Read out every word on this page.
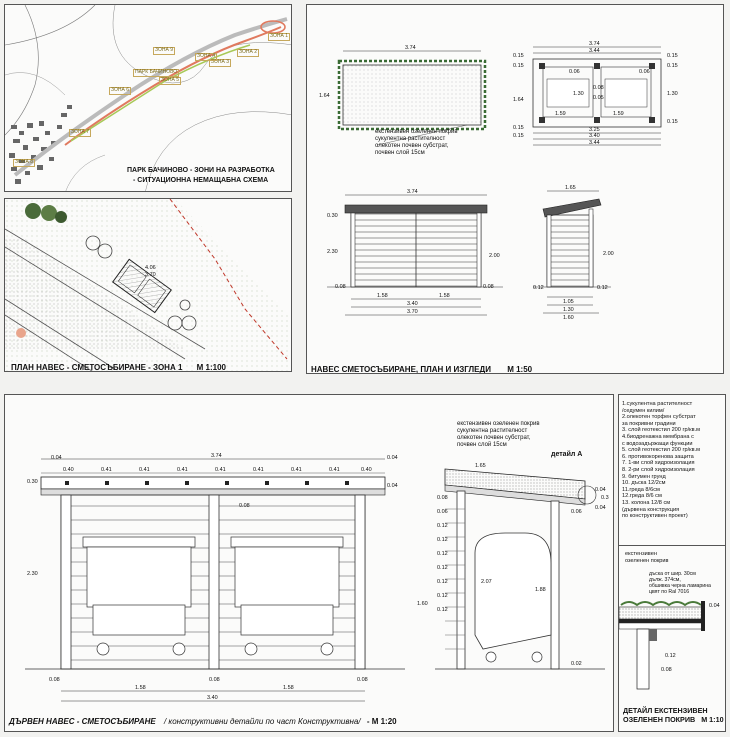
ЗОНА 1
ЗОНА 2
ЗОНА 3
ЗОНА 4
ЗОНА 5
ЗОНА 6
ЗОНА 7
ЗОНА 8
ЗОНА 9
ПАРК БАЧИНОВО
ПАРК БАЧИНОВО - ЗОНИ НА РАЗРАБОТКА
- СИТУАЦИОННА НЕМАЩАБНА СХЕМА
4.06
3.70
ПЛАН НАВЕС - СМЕТОСЪБИРАНЕ - ЗОНА 1 М 1:100
3.74
1.64
3.74
3.44
0.15
0.15
1.64
0.15
0.15
0.15
0.15
1.30
0.15
0.06
0.06
1.59	1.59
0.08
0.05
1.30
3.25
3.40
3.44
3.74
0.30
2.30
2.00
0.08	0.08
1.58	1.58
3.40
3.70
1.65
2.00
0.12	0.12
1.05
1.30
1.60
екстензивен озеленен покрив
сукулентна растителност
олекотен почвен субстрат,
почвен слой 15см
НАВЕС СМЕТОСЪБИРАНЕ, ПЛАН И ИЗГЛЕДИ М 1:50
3.74
0.40	0.41	0.41	0.41	0.41	0.41	0.41	0.41	0.40
0.04	0.04
0.04
0.30
2.30
1.58	1.58
3.40
0.08	0.08	0.08
1.65
0.3
0.04
0.04
0.08
0.06
0.12
0.12
0.12
0.12
0.12
0.12
0.12
1.60
2.07
1.88
0.06
0.02
екстензивен озеленен покрив
сукулентна растителност
олекотен почвен субстрат,
почвен слой 15см
детайл А
ДЪРВЕН НАВЕС - СМЕТОСЪБИРАНЕ / конструктивни детайли по част Конструктивна/ - М 1:20
1.сукулентна растителност
/седумен килим/
2.олекотен торфен субстрат
за покривни градини
3. слой геотекстил 200 гр/кв.м
4.биодренажна мембрана с
с водозадържащи функции
5. слой геотекстил 200 гр/кв.м
6. противокоренова защита
7. 1-ви слой хидроизолация
8. 2-ри слой хидроизолация
9. битумен грунд
10. дъска 12/2см
11.греда 8/6см
12.греда 8/6 см
13. колона 12/8 см
(дървена конструкция
по конструктивен проект)
екстензивен
озеленен покрив
дъска от шир. 30см
дълж. 374см,
обшивка черна ламарина
цвят по Ral 7016
0.04
0.12
0.08
ДЕТАЙЛ ЕКСТЕНЗИВЕН
ОЗЕЛЕНЕН ПОКРИВ М 1:10
